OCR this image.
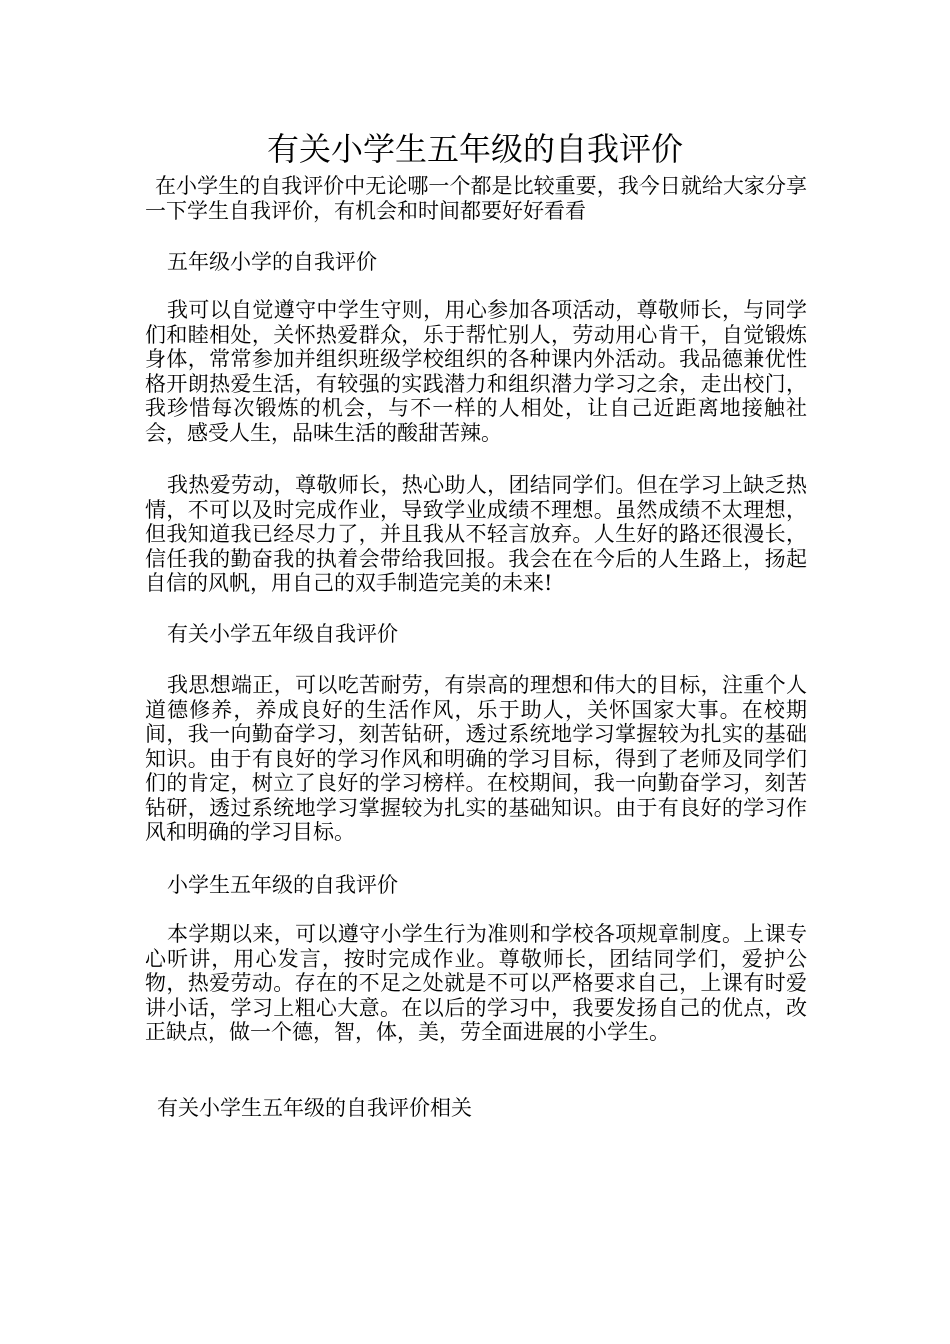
有关小学生五年级的自我评价

在小学生的自我评价中无论哪一个都是比较重要，我今日就给大家分享一下学生自我评价，有机会和时间都要好好看看

五年级小学的自我评价

我可以自觉遵守中学生守则，用心参加各项活动，尊敬师长，与同学们和睦相处，关怀热爱群众，乐于帮忙别人，劳动用心肯干，自觉锻炼身体，常常参加并组织班级学校组织的各种课内外活动。我品德兼优性格开朗热爱生活，有较强的实践潜力和组织潜力学习之余，走出校门，我珍惜每次锻炼的机会，与不一样的人相处，让自己近距离地接触社会，感受人生，品味生活的酸甜苦辣。

我热爱劳动，尊敬师长，热心助人，团结同学们。但在学习上缺乏热情，不可以及时完成作业，导致学业成绩不理想。虽然成绩不太理想，但我知道我已经尽力了，并且我从不轻言放弃。人生好的路还很漫长，信任我的勤奋我的执着会带给我回报。我会在在今后的人生路上，扬起自信的风帆，用自己的双手制造完美的未来!

有关小学五年级自我评价

我思想端正，可以吃苦耐劳，有崇高的理想和伟大的目标，注重个人道德修养，养成良好的生活作风，乐于助人，关怀国家大事。在校期间，我一向勤奋学习，刻苦钻研，透过系统地学习掌握较为扎实的基础知识。由于有良好的学习作风和明确的学习目标，得到了老师及同学们们的肯定，树立了良好的学习榜样。在校期间，我一向勤奋学习，刻苦钻研，透过系统地学习掌握较为扎实的基础知识。由于有良好的学习作风和明确的学习目标。

小学生五年级的自我评价

本学期以来，可以遵守小学生行为准则和学校各项规章制度。上课专心听讲，用心发言，按时完成作业。尊敬师长，团结同学们，爱护公物，热爱劳动。存在的不足之处就是不可以严格要求自己，上课有时爱讲小话，学习上粗心大意。在以后的学习中，我要发扬自己的优点，改正缺点，做一个德，智，体，美，劳全面进展的小学生。

有关小学生五年级的自我评价相关
